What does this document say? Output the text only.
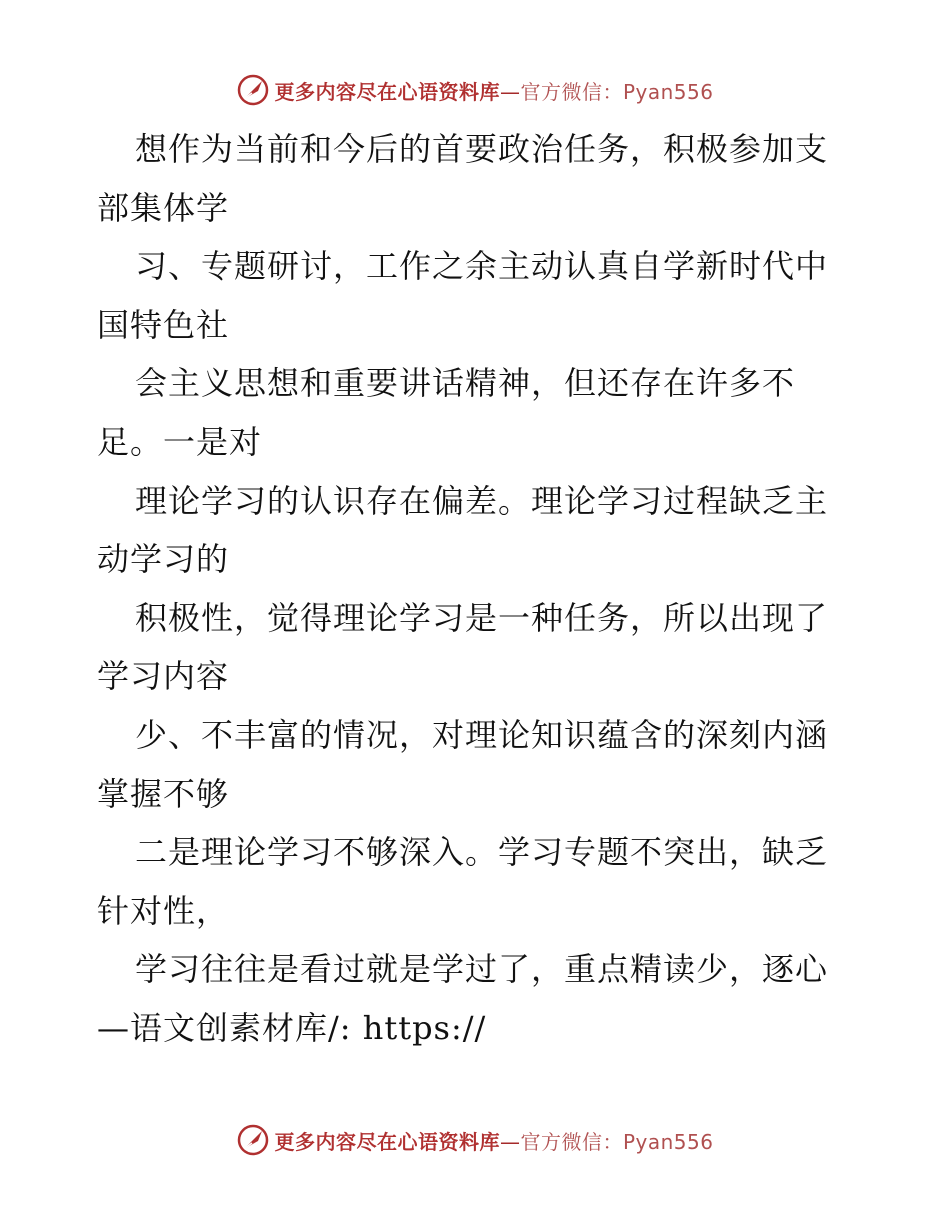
更多内容尽在心语资料库—官方微信：Pyan556

想作为当前和今后的首要政治任务，积极参加支

部集体学

习、专题研讨，工作之余主动认真自学新时代中

国特色社

会主义思想和重要讲话精神，但还存在许多不

足。一是对

理论学习的认识存在偏差。理论学习过程缺乏主

动学习的

积极性，觉得理论学习是一种任务，所以出现了

学习内容

少、不丰富的情况，对理论知识蕴含的深刻内涵

掌握不够

二是理论学习不够深入。学习专题不突出，缺乏

针对性，

学习往往是看过就是学过了，重点精读少，逐心

—语文创素材库/: https://

更多内容尽在心语资料库—官方微信：Pyan556
